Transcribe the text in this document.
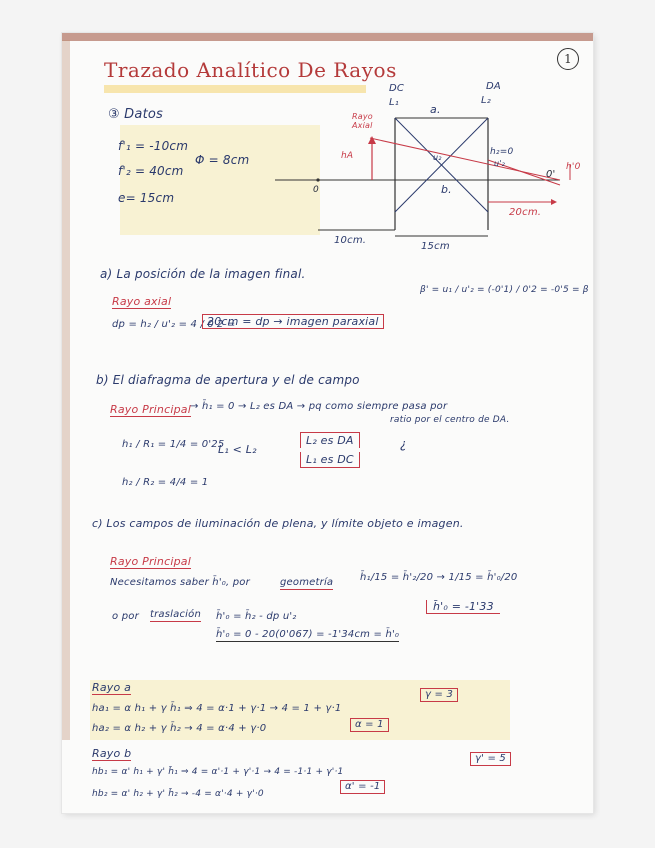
Trazado Analítico De Rayos	1
③ Datos
f'₁ = -10cm
f'₂ = 40cm
Φ = 8cm
e= 15cm
DC	DA
L₁	L₂
a.
b.
Rayo Axial
hA
0
0'
h'0
h₂=0
u₂
u'₂
10cm.
15cm
20cm.
a) La posición de la imagen final.
β' = u₁ / u'₂ = (-0'1) / 0'2 = -0'5 = β
Rayo axial
dp = h₂ / u'₂ = 4 / 0'2 =
20cm = dp → imagen paraxial
b) El diafragma de apertura y el de campo
Rayo Principal → h̄₁ = 0 → L₂ es DA → pq como siempre pasa por
ratio por el centro de DA.
h₁ / R₁ = 1/4 = 0'25
h₂ / R₂ = 4/4 = 1
L₁ < L₂
L₂ es DA
L₁ es DC
¿
c) Los campos de iluminación de plena, y límite objeto e imagen.
Rayo Principal
Necesitamos saber h̄'₀, por	geometría	h̄₁/15 = h̄'₂/20 → 1/15 = h̄'₀/20
h̄'₀ = -1'33
o por traslación h̄'₀ = h̄₂ - dp u'₂
h̄'₀ = 0 - 20(0'067) = -1'34cm = h̄'₀
Rayo a
ha₁ = α h₁ + γ h̄₁ ⇒ 4 = α·1 + γ·1 → 4 = 1 + γ·1
γ = 3
ha₂ = α h₂ + γ h̄₂ → 4 = α·4 + γ·0	α = 1
Rayo b
hb₁ = α' h₁ + γ' h̄₁ ⇒ 4 = α'·1 + γ'·1 → 4 = -1·1 + γ'·1
γ' = 5
hb₂ = α' h₂ + γ' h̄₂ → -4 = α'·4 + γ'·0
α' = -1
